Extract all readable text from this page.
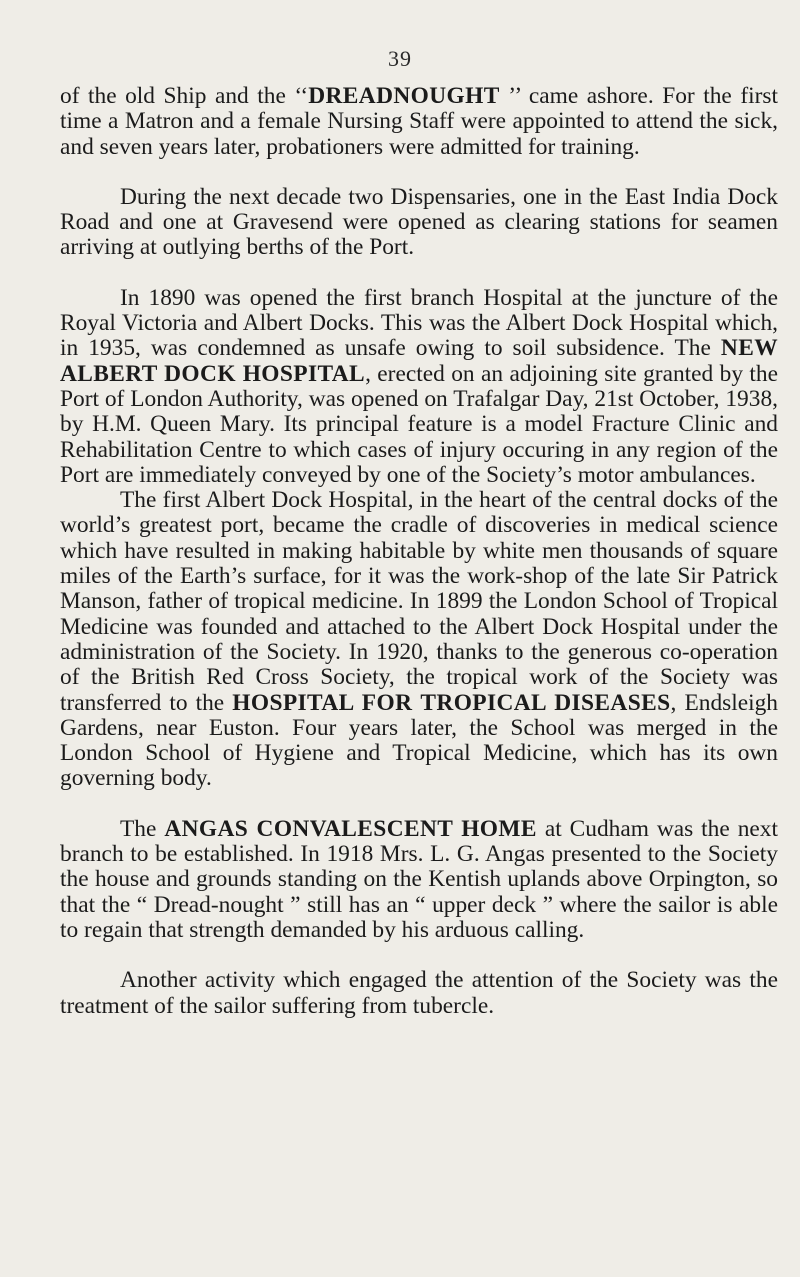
39

of the old Ship and the ‘‘DREADNOUGHT ’’ came ashore. For the first time a Matron and a female Nursing Staff were appointed to attend the sick, and seven years later, probationers were admitted for training.

During the next decade two Dispensaries, one in the East India Dock Road and one at Gravesend were opened as clearing stations for seamen arriving at outlying berths of the Port.

In 1890 was opened the first branch Hospital at the juncture of the Royal Victoria and Albert Docks. This was the Albert Dock Hospital which, in 1935, was condemned as unsafe owing to soil subsidence. The NEW ALBERT DOCK HOSPITAL, erected on an adjoining site granted by the Port of London Authority, was opened on Trafalgar Day, 21st October, 1938, by H.M. Queen Mary. Its principal feature is a model Fracture Clinic and Rehabilitation Centre to which cases of injury occuring in any region of the Port are immediately conveyed by one of the Society’s motor ambulances.

The first Albert Dock Hospital, in the heart of the central docks of the world’s greatest port, became the cradle of discoveries in medical science which have resulted in making habitable by white men thousands of square miles of the Earth’s surface, for it was the work-shop of the late Sir Patrick Manson, father of tropical medicine. In 1899 the London School of Tropical Medicine was founded and attached to the Albert Dock Hospital under the administration of the Society. In 1920, thanks to the generous co-operation of the British Red Cross Society, the tropical work of the Society was transferred to the HOSPITAL FOR TROPICAL DISEASES, Endsleigh Gardens, near Euston. Four years later, the School was merged in the London School of Hygiene and Tropical Medicine, which has its own governing body.

The ANGAS CONVALESCENT HOME at Cudham was the next branch to be established. In 1918 Mrs. L. G. Angas presented to the Society the house and grounds standing on the Kentish uplands above Orpington, so that the “ Dread-nought ” still has an “ upper deck ” where the sailor is able to regain that strength demanded by his arduous calling.

Another activity which engaged the attention of the Society was the treatment of the sailor suffering from tubercle.
